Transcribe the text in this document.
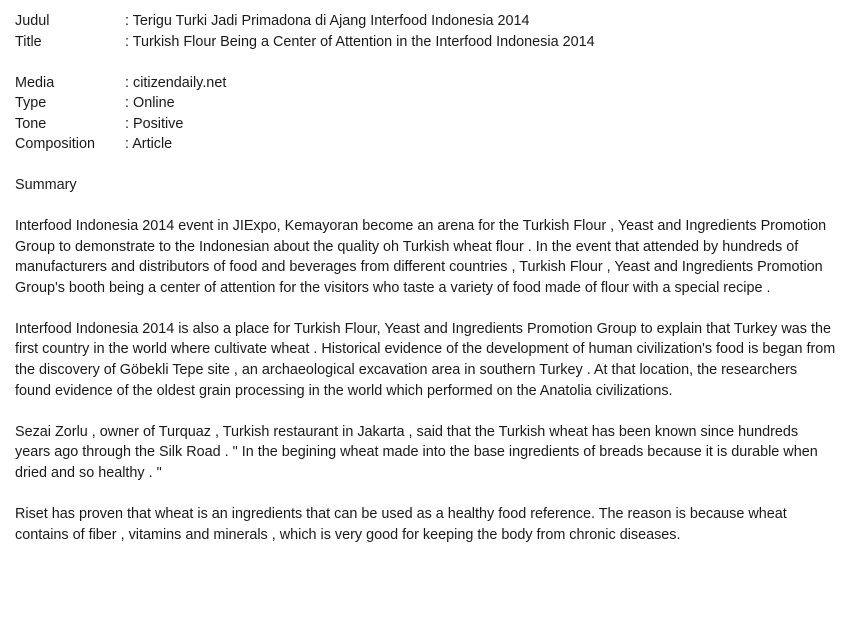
Judul	: Terigu Turki Jadi Primadona di Ajang Interfood Indonesia 2014
Title	: Turkish Flour Being a Center of Attention in the Interfood Indonesia 2014
Media	: citizendaily.net
Type	: Online
Tone	: Positive
Composition	: Article
Summary

Interfood Indonesia 2014 event in JIExpo, Kemayoran become an arena for the Turkish Flour , Yeast and Ingredients Promotion Group to demonstrate to the Indonesian about the quality oh Turkish wheat flour . In the event that attended by hundreds of manufacturers and distributors of food and beverages from different countries , Turkish Flour , Yeast and Ingredients Promotion Group's booth being a center of attention for the visitors who taste a variety of food made of flour with a special recipe .

Interfood Indonesia 2014 is also a place for Turkish Flour, Yeast and Ingredients Promotion Group to explain that Turkey was the first country in the world where cultivate wheat . Historical evidence of the development of human civilization's food is began from the discovery of Göbekli Tepe site , an archaeological excavation area in southern Turkey . At that location, the researchers found evidence of the oldest grain processing in the world which performed on the Anatolia civilizations.

Sezai Zorlu , owner of Turquaz , Turkish restaurant in Jakarta , said that the Turkish wheat has been known since hundreds years ago through the Silk Road . " In the begining wheat made into the base ingredients of breads because it is durable when dried and so healthy . "

Riset has proven that wheat is an ingredients that can be used as a healthy food reference. The reason is because wheat contains of fiber , vitamins and minerals , which is very good for keeping the body from chronic diseases.
